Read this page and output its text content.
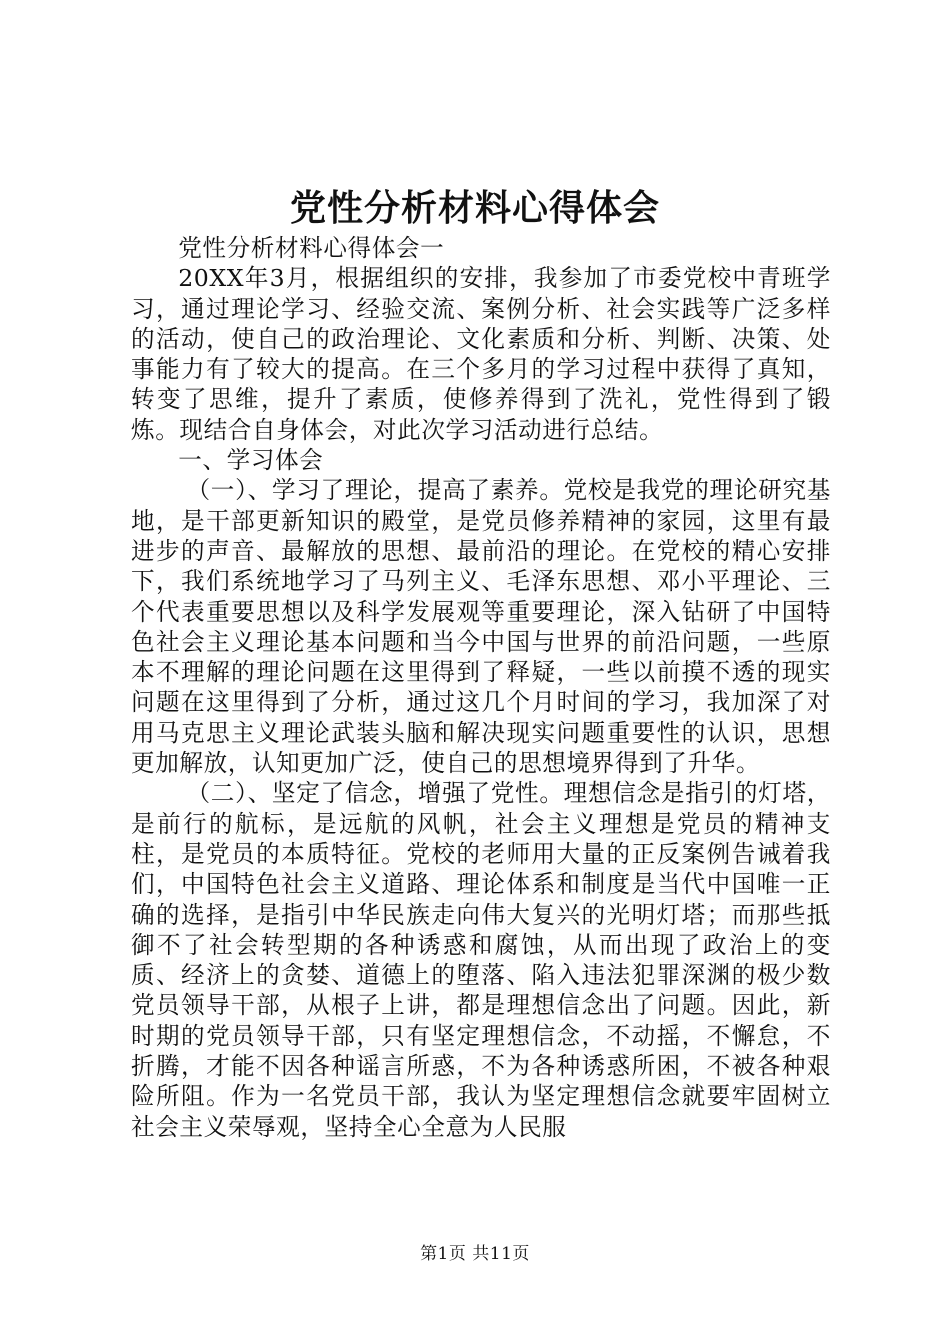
党性分析材料心得体会

党性分析材料心得体会一

20XX年3月，根据组织的安排，我参加了市委党校中青班学习，通过理论学习、经验交流、案例分析、社会实践等广泛多样的活动，使自己的政治理论、文化素质和分析、判断、决策、处事能力有了较大的提高。在三个多月的学习过程中获得了真知，转变了思维，提升了素质，使修养得到了洗礼，党性得到了锻炼。现结合自身体会，对此次学习活动进行总结。

一、学习体会

（一）、学习了理论，提高了素养。党校是我党的理论研究基地，是干部更新知识的殿堂，是党员修养精神的家园，这里有最进步的声音、最解放的思想、最前沿的理论。在党校的精心安排下，我们系统地学习了马列主义、毛泽东思想、邓小平理论、三个代表重要思想以及科学发展观等重要理论，深入钻研了中国特色社会主义理论基本问题和当今中国与世界的前沿问题，一些原本不理解的理论问题在这里得到了释疑，一些以前摸不透的现实问题在这里得到了分析，通过这几个月时间的学习，我加深了对用马克思主义理论武装头脑和解决现实问题重要性的认识，思想更加解放，认知更加广泛，使自己的思想境界得到了升华。

（二）、坚定了信念，增强了党性。理想信念是指引的灯塔，是前行的航标，是远航的风帆，社会主义理想是党员的精神支柱，是党员的本质特征。党校的老师用大量的正反案例告诫着我们，中国特色社会主义道路、理论体系和制度是当代中国唯一正确的选择，是指引中华民族走向伟大复兴的光明灯塔；而那些抵御不了社会转型期的各种诱惑和腐蚀，从而出现了政治上的变质、经济上的贪婪、道德上的堕落、陷入违法犯罪深渊的极少数党员领导干部，从根子上讲，都是理想信念出了问题。因此，新时期的党员领导干部，只有坚定理想信念，不动摇，不懈怠，不折腾，才能不因各种谣言所惑，不为各种诱惑所困，不被各种艰险所阻。作为一名党员干部，我认为坚定理想信念就要牢固树立社会主义荣辱观，坚持全心全意为人民服

第1页 共11页
